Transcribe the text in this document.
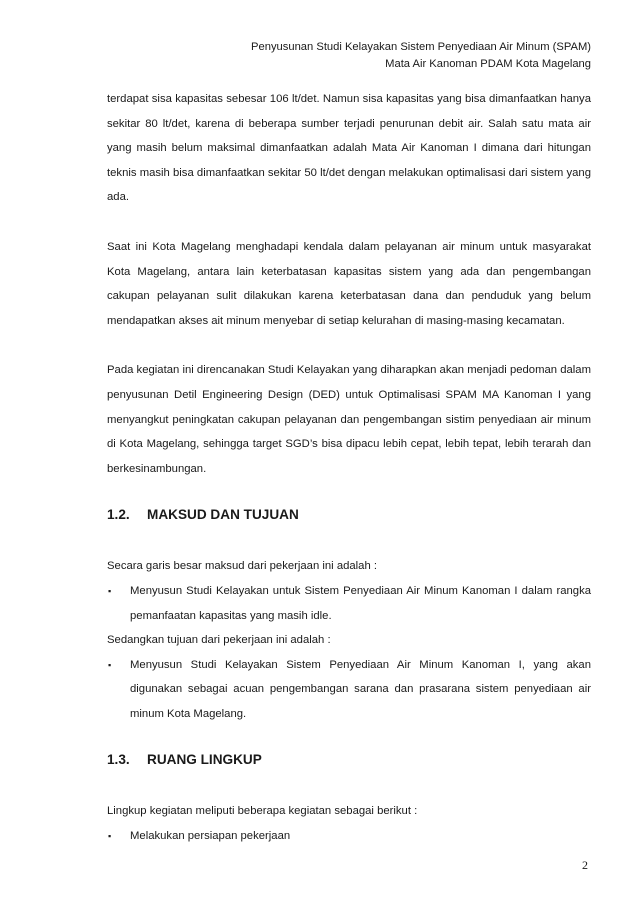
Penyusunan Studi Kelayakan Sistem Penyediaan Air Minum (SPAM)
Mata Air Kanoman PDAM Kota Magelang

terdapat sisa kapasitas sebesar 106 lt/det. Namun sisa kapasitas yang bisa dimanfaatkan hanya sekitar 80 lt/det, karena di beberapa sumber terjadi penurunan debit air. Salah satu mata air yang masih belum maksimal dimanfaatkan adalah Mata Air Kanoman I dimana dari hitungan teknis masih bisa dimanfaatkan sekitar 50 lt/det dengan melakukan optimalisasi dari sistem yang ada.

Saat ini Kota Magelang menghadapi kendala dalam pelayanan air minum untuk masyarakat Kota Magelang, antara lain keterbatasan kapasitas sistem yang ada dan pengembangan cakupan pelayanan sulit dilakukan karena keterbatasan dana dan penduduk yang belum mendapatkan akses ait minum menyebar di setiap kelurahan di masing-masing kecamatan.

Pada kegiatan ini direncanakan Studi Kelayakan yang diharapkan akan menjadi pedoman dalam penyusunan Detil Engineering Design (DED) untuk Optimalisasi SPAM MA Kanoman I yang menyangkut peningkatan cakupan pelayanan dan pengembangan sistim penyediaan air minum di Kota Magelang, sehingga target SGD’s bisa dipacu lebih cepat, lebih tepat, lebih terarah dan berkesinambungan.

1.2.	MAKSUD DAN TUJUAN

Secara garis besar maksud dari pekerjaan ini adalah :

▪	Menyusun Studi Kelayakan untuk Sistem Penyediaan Air Minum Kanoman I dalam rangka pemanfaatan kapasitas yang masih idle.

Sedangkan tujuan dari pekerjaan ini adalah :

▪	Menyusun Studi Kelayakan Sistem Penyediaan Air Minum Kanoman I, yang akan digunakan sebagai acuan pengembangan sarana dan prasarana sistem penyediaan air minum Kota Magelang.

1.3.	RUANG LINGKUP

Lingkup kegiatan meliputi beberapa kegiatan sebagai berikut :

▪	Melakukan persiapan pekerjaan

2
